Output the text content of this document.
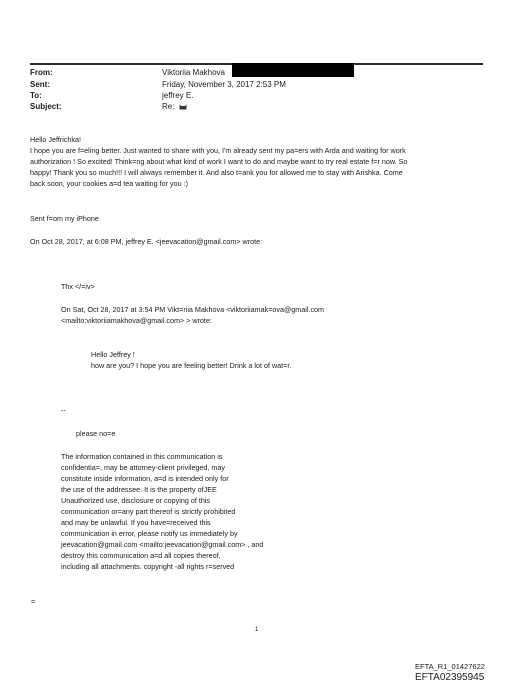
From:	Viktoriia Makhova
Sent:	Friday, November 3, 2017 2:53 PM
To:	jeffrey E.
Subject:	Re:
Hello Jeffrichka!
I hope you are f=eling better. Just wanted to share with you, I'm already sent my pa=ers with Arda and waiting for work
authorization ! So excited! Think=ng about what kind of work I want to do and maybe want to try real estate f=r now. So
happy! Thank you so much!!! I will always remember it. And also t=ank you for allowed me to stay with Arishka. Come
back soon, your cookies a=d tea waiting for you :)
Sent f=om my iPhone
On Oct 28, 2017, at 6:08 PM, jeffrey E. <jeevacation@gmail.com> wrote:
Thx </=iv>
On Sat, Oct 28, 2017 at 3:54 PM Vikt=riia Makhova <viktoriiamak=ova@gmail.com
<mailto:viktoriiamakhova@gmail.com> > wrote:
Hello Jeffrey !
how are you? I hope you are feeling better! Drink a lot of wat=r.
--
please no=e
The information contained in this communication is
confidentia=, may be attorney-client privileged, may
constitute inside information, a=d is intended only for
the use of the addressee. It is the property ofJEE
Unauthorized use, disclosure or copying of this
communication or=any part thereof is strictly prohibited
and may be unlawful. If you have=received this
communication in error, please notify us immediately by
jeevacation@gmail.com <mailto:jeevacation@gmail.com> , and
destroy this communication a=d all copies thereof,
including all attachments. copyright -all rights r=served
=
1
EFTA_R1_01427622
EFTA02395945
